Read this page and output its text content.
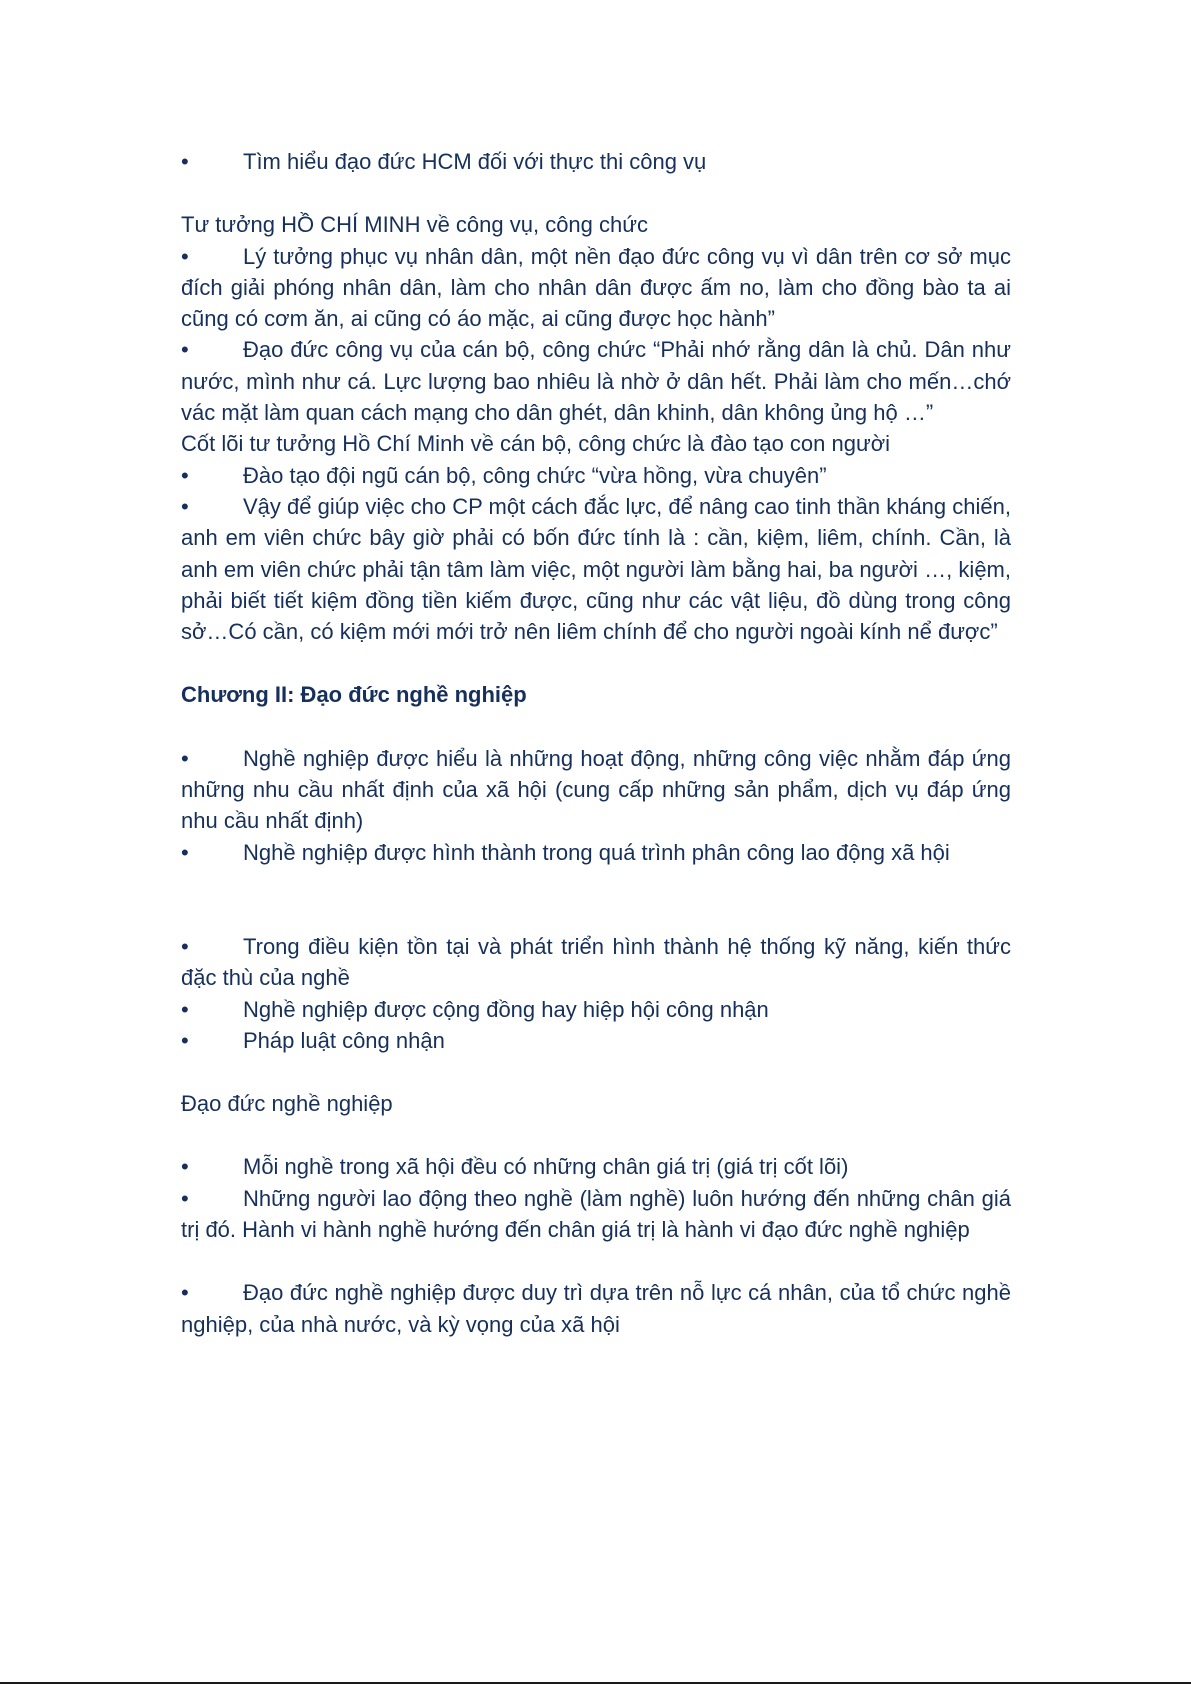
• Tìm hiểu đạo đức HCM đối với thực thi công vụ

Tư tưởng HỒ CHÍ MINH về công vụ, công chức

• Lý tưởng phục vụ nhân dân, một nền đạo đức công vụ vì dân trên cơ sở mục đích giải phóng nhân dân, làm cho nhân dân được ấm no, làm cho đồng bào ta ai cũng có cơm ăn, ai cũng có áo mặc, ai cũng được học hành”

• Đạo đức công vụ của cán bộ, công chức “Phải nhớ rằng dân là chủ. Dân như nước, mình như cá. Lực lượng bao nhiêu là nhờ ở dân hết. Phải làm cho mến…chớ vác mặt làm quan cách mạng cho dân ghét, dân khinh, dân không ủng hộ …”

Cốt lõi tư tưởng Hồ Chí Minh về cán bộ, công chức là đào tạo con người

• Đào tạo đội ngũ cán bộ, công chức “vừa hồng, vừa chuyên”

• Vậy để giúp việc cho CP một cách đắc lực, để nâng cao tinh thần kháng chiến, anh em viên chức bây giờ phải có bốn đức tính là : cần, kiệm, liêm, chính. Cần, là anh em viên chức phải tận tâm làm việc, một người làm bằng hai, ba người …, kiệm, phải biết tiết kiệm đồng tiền kiếm được, cũng như các vật liệu, đồ dùng trong công sở…Có cần, có kiệm mới mới trở nên liêm chính để cho người ngoài kính nể được”

Chương II: Đạo đức nghề nghiệp

• Nghề nghiệp được hiểu là những hoạt động, những công việc nhằm đáp ứng những nhu cầu nhất định của xã hội (cung cấp những sản phẩm, dịch vụ đáp ứng nhu cầu nhất định)

• Nghề nghiệp được hình thành trong quá trình phân công lao động xã hội

• Trong điều kiện tồn tại và phát triển hình thành hệ thống kỹ năng, kiến thức đặc thù của nghề

• Nghề nghiệp được cộng đồng hay hiệp hội công nhận

• Pháp luật công nhận

Đạo đức nghề nghiệp

• Mỗi nghề trong xã hội đều có những chân giá trị (giá trị cốt lõi)

• Những người lao động theo nghề (làm nghề) luôn hướng đến những chân giá trị đó. Hành vi hành nghề hướng đến chân giá trị là hành vi đạo đức nghề nghiệp

• Đạo đức nghề nghiệp được duy trì dựa trên nỗ lực cá nhân, của tổ chức nghề nghiệp, của nhà nước, và kỳ vọng của xã hội
